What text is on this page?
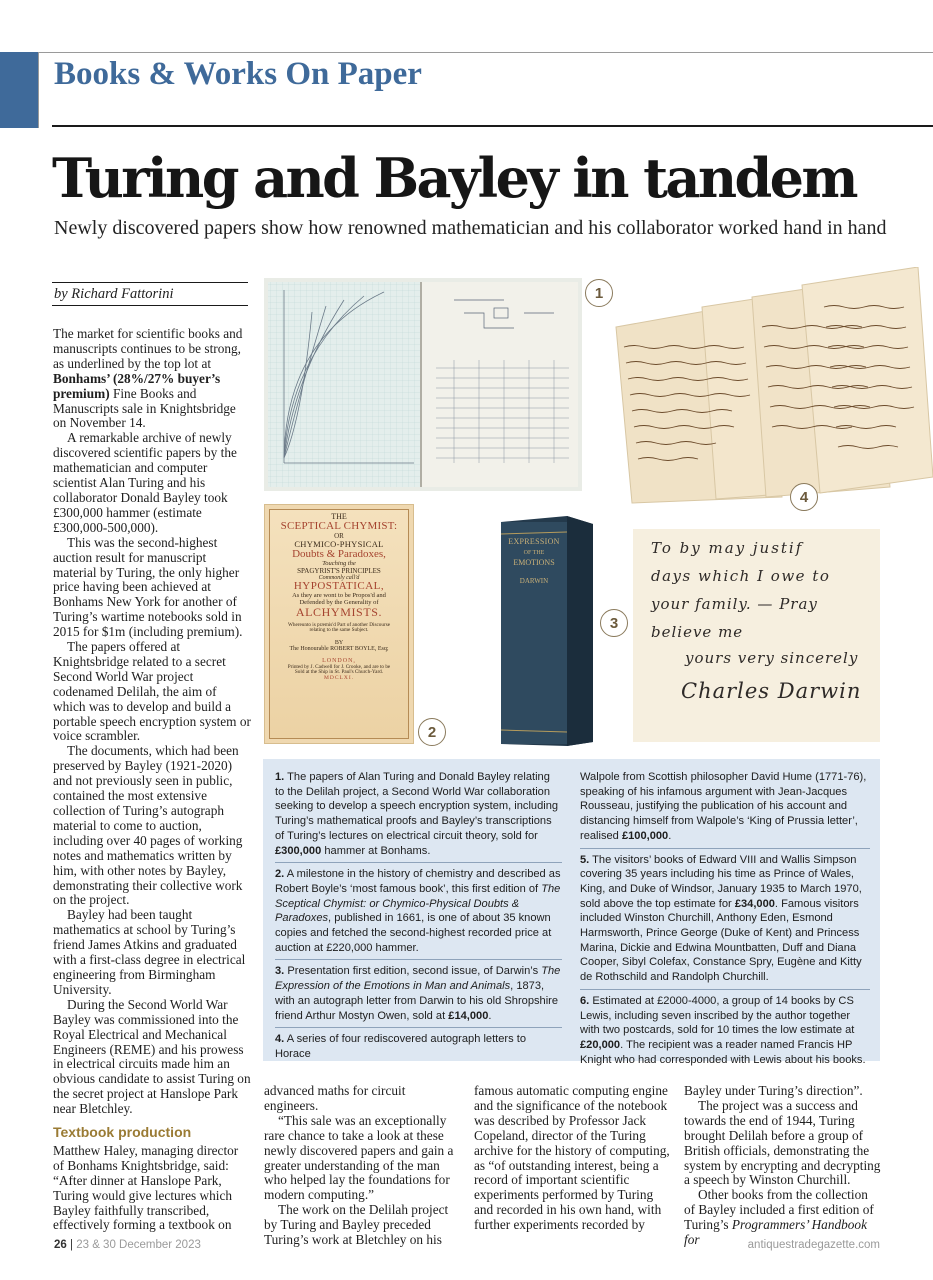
Books & Works On Paper
Turing and Bayley in tandem
Newly discovered papers show how renowned mathematician and his collaborator worked hand in hand
by Richard Fattorini

The market for scientific books and manuscripts continues to be strong, as underlined by the top lot at Bonhams’ (28%/27% buyer’s premium) Fine Books and Manuscripts sale in Knightsbridge on November 14.

A remarkable archive of newly discovered scientific papers by the mathematician and computer scientist Alan Turing and his collaborator Donald Bayley took £300,000 hammer (estimate £300,000-500,000).

This was the second-highest auction result for manuscript material by Turing, the only higher price having been achieved at Bonhams New York for another of Turing’s wartime notebooks sold in 2015 for $1m (including premium).

The papers offered at Knightsbridge related to a secret Second World War project codenamed Delilah, the aim of which was to develop and build a portable speech encryption system or voice scrambler.

The documents, which had been preserved by Bayley (1921-2020) and not previously seen in public, contained the most extensive collection of Turing’s autograph material to come to auction, including over 40 pages of working notes and mathematics written by him, with other notes by Bayley, demonstrating their collective work on the project.

Bayley had been taught mathematics at school by Turing’s friend James Atkins and graduated with a first-class degree in electrical engineering from Birmingham University.

During the Second World War Bayley was commissioned into the Royal Electrical and Mechanical Engineers (REME) and his prowess in electrical circuits made him an obvious candidate to assist Turing on the secret project at Hanslope Park near Bletchley.

Textbook production

Matthew Haley, managing director of Bonhams Knightsbridge, said: “After dinner at Hanslope Park, Turing would give lectures which Bayley faithfully transcribed, effectively forming a textbook on

1
4
THE
SCEPTICAL CHYMIST:
OR
CHYMICO-PHYSICAL
Doubts & Paradoxes,
Touching the
SPAGYRIST'S PRINCIPLES
Commonly call'd
HYPOSTATICAL,
As they are wont to be Propos'd and
Defended by the Generality of
ALCHYMISTS.
Whereunto is præmis'd Part of another Discourse
relating to the same Subject.
BY
The Honourable ROBERT BOYLE, Esq;
LONDON,
Printed by J. Cadwell for J. Crooke, and are to be
Sold at the Ship in St. Paul's Church-Yard.
MDCLXI.
2
EXPRESSION
OF THE
EMOTIONS
DARWIN
To by may justif
days which I owe to
your family. — Pray
believe me
yours very sincerely
Charles Darwin
3
1. The papers of Alan Turing and Donald Bayley relating to the Delilah project, a Second World War collaboration seeking to develop a speech encryption system, including Turing’s mathematical proofs and Bayley’s transcriptions of Turing’s lectures on electrical circuit theory, sold for £300,000 hammer at Bonhams.
2. A milestone in the history of chemistry and described as Robert Boyle’s ‘most famous book’, this first edition of The Sceptical Chymist: or Chymico-Physical Doubts & Paradoxes, published in 1661, is one of about 35 known copies and fetched the second-highest recorded price at auction at £220,000 hammer.
3. Presentation first edition, second issue, of Darwin’s The Expression of the Emotions in Man and Animals, 1873, with an autograph letter from Darwin to his old Shropshire friend Arthur Mostyn Owen, sold at £14,000.
4. A series of four rediscovered autograph letters to Horace
Walpole from Scottish philosopher David Hume (1771-76), speaking of his infamous argument with Jean-Jacques Rousseau, justifying the publication of his account and distancing himself from Walpole’s ‘King of Prussia letter’, realised £100,000.
5. The visitors’ books of Edward VIII and Wallis Simpson covering 35 years including his time as Prince of Wales, King, and Duke of Windsor, January 1935 to March 1970, sold above the top estimate for £34,000. Famous visitors included Winston Churchill, Anthony Eden, Esmond Harmsworth, Prince George (Duke of Kent) and Princess Marina, Dickie and Edwina Mountbatten, Duff and Diana Cooper, Sibyl Colefax, Constance Spry, Eugène and Kitty de Rothschild and Randolph Churchill.
6. Estimated at £2000-4000, a group of 14 books by CS Lewis, including seven inscribed by the author together with two postcards, sold for 10 times the low estimate at £20,000. The recipient was a reader named Francis HP Knight who had corresponded with Lewis about his books.

advanced maths for circuit engineers.

“This sale was an exceptionally rare chance to take a look at these newly discovered papers and gain a greater understanding of the man who helped lay the foundations for modern computing.”

The work on the Delilah project by Turing and Bayley preceded Turing’s work at Bletchley on his

famous automatic computing engine and the significance of the notebook was described by Professor Jack Copeland, director of the Turing archive for the history of computing, as “of outstanding interest, being a record of important scientific experiments performed by Turing and recorded in his own hand, with further experiments recorded by

Bayley under Turing’s direction”.

The project was a success and towards the end of 1944, Turing brought Delilah before a group of British officials, demonstrating the system by encrypting and decrypting a speech by Winston Churchill.

Other books from the collection of Bayley included a first edition of Turing’s Programmers’ Handbook for

26 | 23 & 30 December 2023	antiquestradegazette.com
